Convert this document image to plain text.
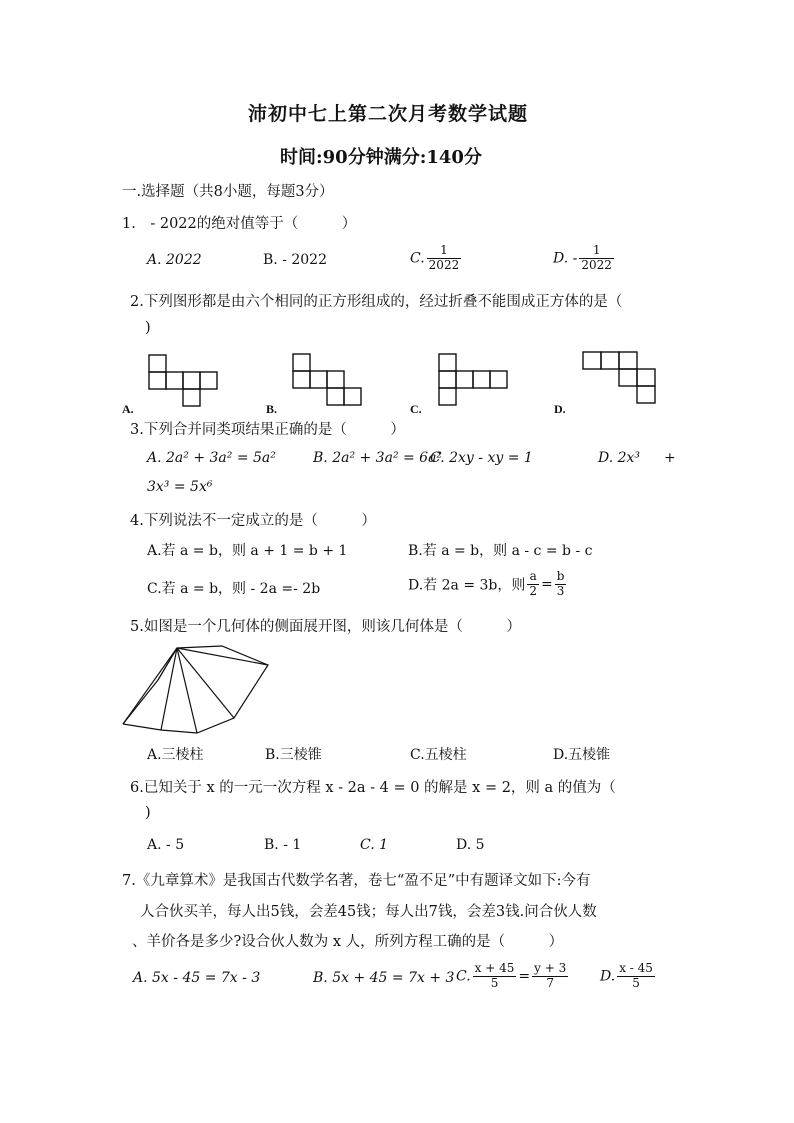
沛初中七上第二次月考数学试题
时间:90分钟满分:140分
一.选择题（共8小题，每题3分）
1.　- 2022的绝对值等于（　　　）
A. 2022	B. - 2022	C. $\frac{1}{2022}$	D. - $\frac{1}{2022}$
2.下列图形都是由六个相同的正方形组成的，经过折叠不能围成正方体的是（
)
A.	B.	C.	D.
3.下列合并同类项结果正确的是（　　　）
A. 2a² + 3a² = 5a²	B. 2a² + 3a² = 6a²
C. 2xy - xy = 1	D. 2x³ +
3x³ = 5x⁶
4.下列说法不一定成立的是（　　　）
A.若 a = b，则 a + 1 = b + 1	B.若 a = b，则 a - c = b - c
C.若 a = b，则 - 2a =- 2b	D.若 2a = 3b，则 $\frac{a}{2} = \frac{b}{3}$
5.如图是一个几何体的侧面展开图，则该几何体是（　　　）
A.三棱柱	B.三棱锥	C.五棱柱	D.五棱锥
6.已知关于 x 的一元一次方程 x - 2a - 4 = 0 的解是 x = 2，则 a 的值为（
)
A. - 5	B. - 1	C. 1	D. 5
7.《九章算术》是我国古代数学名著，卷七“盈不足”中有题译文如下:今有
人合伙买羊，每人出5钱，会差45钱；每人出7钱，会差3钱.问合伙人数
、羊价各是多少?设合伙人数为 x 人，所列方程工确的是（　　　）
A. 5x - 45 = 7x - 3	B. 5x + 45 = 7x + 3 C. $\frac{x + 45}{5} = \frac{y + 3}{7} D$. $\frac{x - 45}{5}$
